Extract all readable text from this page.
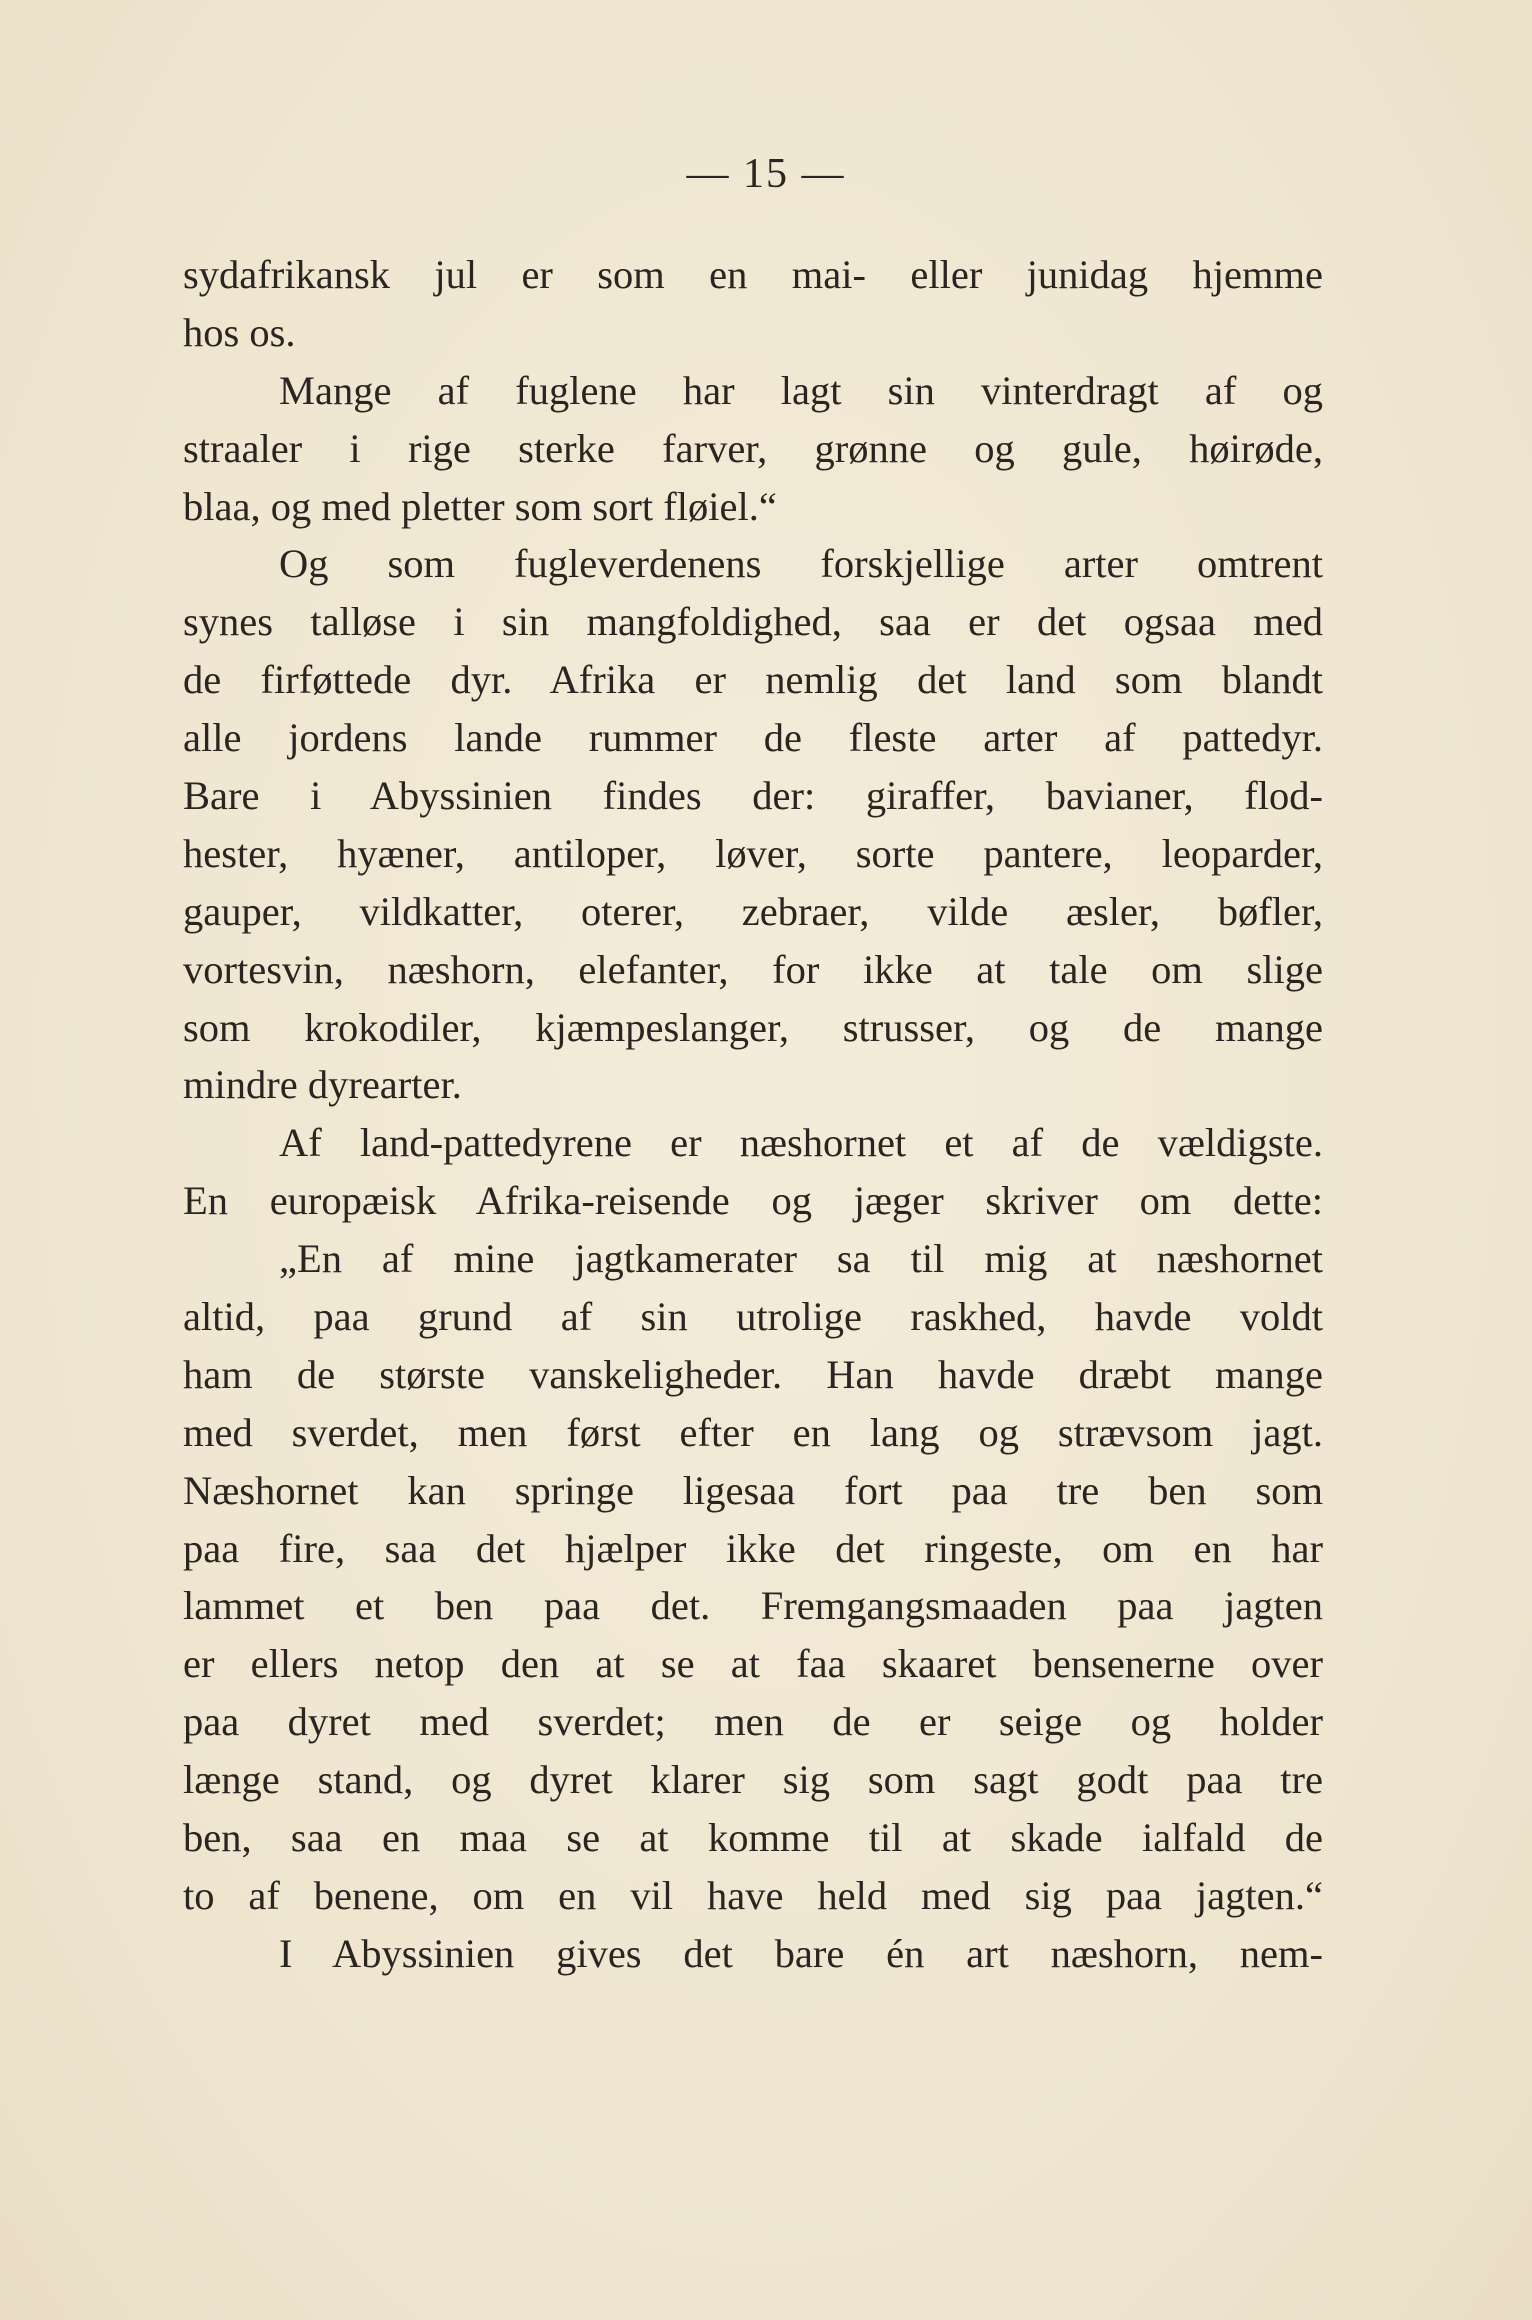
— 15 —
sydafrikansk jul er som en mai- eller junidag hjemme
hos os.
Mange af fuglene har lagt sin vinterdragt af og
straaler i rige sterke farver, grønne og gule, høirøde,
blaa, og med pletter som sort fløiel.“
Og som fugleverdenens forskjellige arter omtrent
synes talløse i sin mangfoldighed, saa er det ogsaa med
de firføttede dyr. Afrika er nemlig det land som blandt
alle jordens lande rummer de fleste arter af pattedyr.
Bare i Abyssinien findes der: giraffer, bavianer, flod-
hester, hyæner, antiloper, løver, sorte pantere, leoparder,
gauper, vildkatter, oterer, zebraer, vilde æsler, bøfler,
vortesvin, næshorn, elefanter, for ikke at tale om slige
som krokodiler, kjæmpeslanger, strusser, og de mange
mindre dyrearter.
Af land-pattedyrene er næshornet et af de vældigste.
En europæisk Afrika-reisende og jæger skriver om dette:
„En af mine jagtkamerater sa til mig at næshornet
altid, paa grund af sin utrolige raskhed, havde voldt
ham de største vanskeligheder. Han havde dræbt mange
med sverdet, men først efter en lang og strævsom jagt.
Næshornet kan springe ligesaa fort paa tre ben som
paa fire, saa det hjælper ikke det ringeste, om en har
lammet et ben paa det. Fremgangsmaaden paa jagten
er ellers netop den at se at faa skaaret bensenerne over
paa dyret med sverdet; men de er seige og holder
længe stand, og dyret klarer sig som sagt godt paa tre
ben, saa en maa se at komme til at skade ialfald de
to af benene, om en vil have held med sig paa jagten.“
I Abyssinien gives det bare én art næshorn, nem-
